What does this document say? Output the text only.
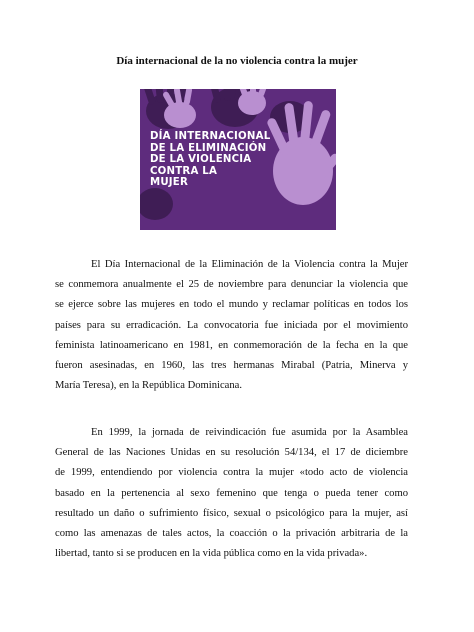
Día internacional de la no violencia contra la mujer
DÍA INTERNACIONAL
DE LA ELIMINACIÓN
DE LA VIOLENCIA
CONTRA LA
MUJER
El Día Internacional de la Eliminación de la Violencia contra la Mujer
se conmemora anualmente el 25 de noviembre para denunciar la violencia que
se ejerce sobre las mujeres en todo el mundo y reclamar políticas en todos los
países para su erradicación. La convocatoria fue iniciada por el movimiento
feminista latinoamericano en 1981, en conmemoración de la fecha en la que
fueron asesinadas, en 1960, las tres hermanas Mirabal (Patria, Minerva y
María Teresa), en la República Dominicana.
En 1999, la jornada de reivindicación fue asumida por la Asamblea
General de las Naciones Unidas en su resolución 54/134, el 17 de diciembre
de 1999, entendiendo por violencia contra la mujer «todo acto de violencia
basado en la pertenencia al sexo femenino que tenga o pueda tener como
resultado un daño o sufrimiento físico, sexual o psicológico para la mujer, así
como las amenazas de tales actos, la coacción o la privación arbitraria de la
libertad, tanto si se producen en la vida pública como en la vida privada».
